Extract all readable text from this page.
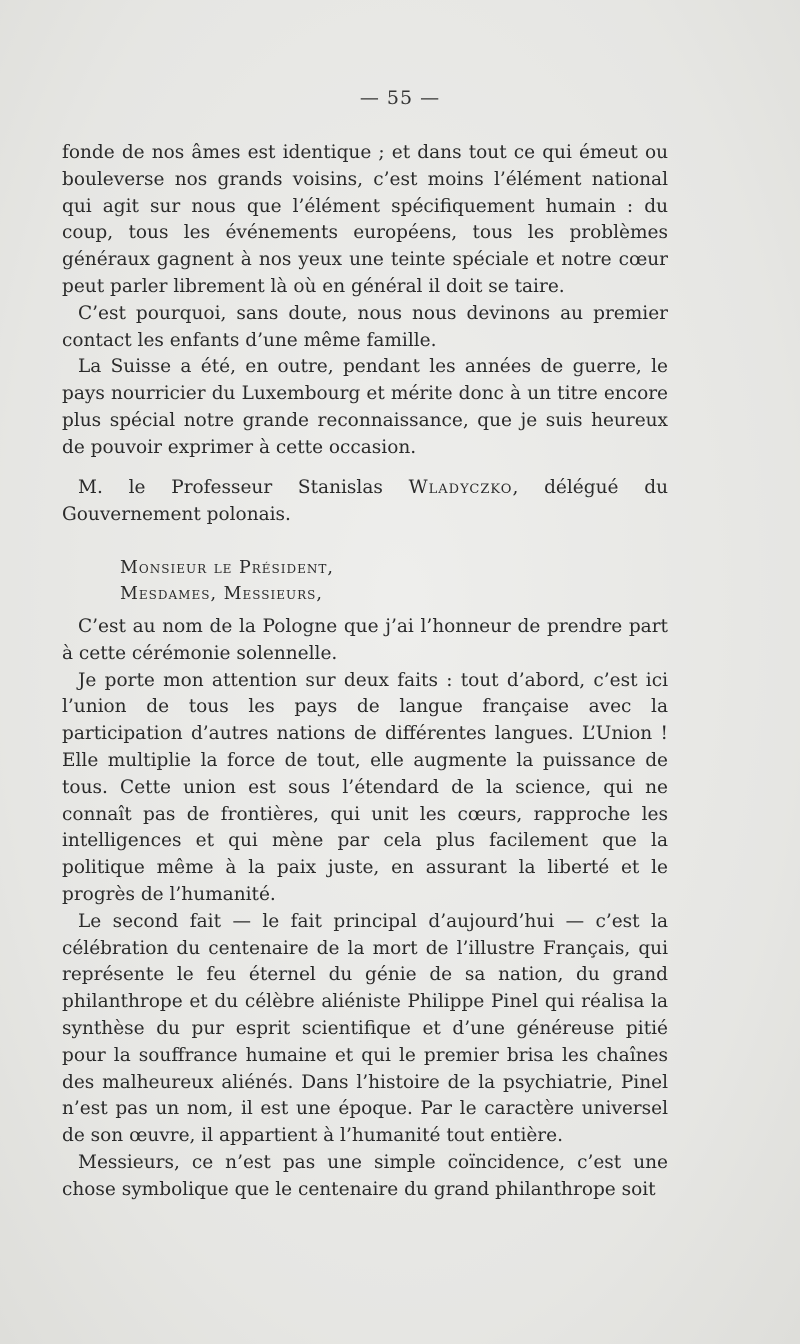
— 55 —

fonde de nos âmes est identique ; et dans tout ce qui émeut ou bouleverse nos grands voisins, c’est moins l’élément national qui agit sur nous que l’élément spécifiquement humain : du coup, tous les événements européens, tous les problèmes généraux gagnent à nos yeux une teinte spéciale et notre cœur peut parler librement là où en général il doit se taire.

C’est pourquoi, sans doute, nous nous devinons au premier contact les enfants d’une même famille.

La Suisse a été, en outre, pendant les années de guerre, le pays nourricier du Luxembourg et mérite donc à un titre encore plus spécial notre grande reconnaissance, que je suis heureux de pouvoir exprimer à cette occasion.

M. le Professeur Stanislas Wladyczko, délégué du Gouvernement polonais.

Monsieur le Président,
Mesdames, Messieurs,

C’est au nom de la Pologne que j’ai l’honneur de prendre part à cette cérémonie solennelle.

Je porte mon attention sur deux faits : tout d’abord, c’est ici l’union de tous les pays de langue française avec la participation d’autres nations de différentes langues. L’Union ! Elle multiplie la force de tout, elle augmente la puissance de tous. Cette union est sous l’étendard de la science, qui ne connaît pas de frontières, qui unit les cœurs, rapproche les intelligences et qui mène par cela plus facilement que la politique même à la paix juste, en assurant la liberté et le progrès de l’humanité.

Le second fait — le fait principal d’aujourd’hui — c’est la célébration du centenaire de la mort de l’illustre Français, qui représente le feu éternel du génie de sa nation, du grand philanthrope et du célèbre aliéniste Philippe Pinel qui réalisa la synthèse du pur esprit scientifique et d’une généreuse pitié pour la souffrance humaine et qui le premier brisa les chaînes des malheureux aliénés. Dans l’histoire de la psychiatrie, Pinel n’est pas un nom, il est une époque. Par le caractère universel de son œuvre, il appartient à l’humanité tout entière.

Messieurs, ce n’est pas une simple coïncidence, c’est une chose symbolique que le centenaire du grand philanthrope soit
